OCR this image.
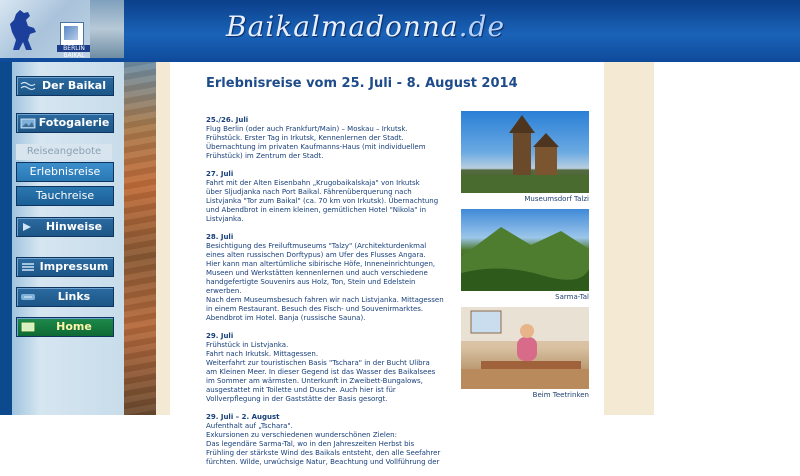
BERLIN BAIKAL
Baikalmadonna.de
Der Baikal
Fotogalerie
Reiseangebote
Erlebnisreise
Tauchreise
Hinweise
Impressum
Links
Home
Erlebnisreise vom 25. Juli - 8. August 2014
25./26. Juli
Flug Berlin (oder auch Frankfurt/Main) – Moskau – Irkutsk.
Frühstück. Erster Tag in Irkutsk, Kennenlernen der Stadt.
Übernachtung im privaten Kaufmanns-Haus (mit individuellem
Frühstück) im Zentrum der Stadt.
27. Juli
Fahrt mit der Alten Eisenbahn „Krugobaikalskaja" von Irkutsk
über Sljudjanka nach Port Baikal. Fährenüberquerung nach
Listvjanka "Tor zum Baikal" (ca. 70 km von Irkutsk). Übernachtung
und Abendbrot in einem kleinen, gemütlichen Hotel "Nikola" in
Listvjanka.
28. Juli
Besichtigung des Freiluftmuseums "Talzy" (Architekturdenkmal
eines alten russischen Dorftypus) am Ufer des Flusses Angara.
Hier kann man altertümliche sibirische Höfe, Inneneinrichtungen,
Museen und Werkstätten kennenlernen und auch verschiedene
handgefertigte Souvenirs aus Holz, Ton, Stein und Edelstein
erwerben.
Nach dem Museumsbesuch fahren wir nach Listvjanka. Mittagessen
in einem Restaurant. Besuch des Fisch- und Souvenirmarktes.
Abendbrot im Hotel. Banja (russische Sauna).
29. Juli
Frühstück in Listvjanka.
Fahrt nach Irkutsk. Mittagessen.
Weiterfahrt zur touristischen Basis "Tschara" in der Bucht Ulibra
am Kleinen Meer. In dieser Gegend ist das Wasser des Baikalsees
im Sommer am wärmsten. Unterkunft in Zweibett-Bungalows,
ausgestattet mit Toilette und Dusche. Auch hier ist für
Vollverpflegung in der Gaststätte der Basis gesorgt.
29. Juli – 2. August
Aufenthalt auf „Tschara".
Exkursionen zu verschiedenen wunderschönen Zielen:
Das legendäre Sarma-Tal, wo in den Jahreszeiten Herbst bis
Frühling der stärkste Wind des Baikals entsteht, den alle Seefahrer
fürchten. Wilde, urwüchsige Natur, Beachtung und Vollführung der
Museumsdorf Talzi
Sarma-Tal
Beim Teetrinken
